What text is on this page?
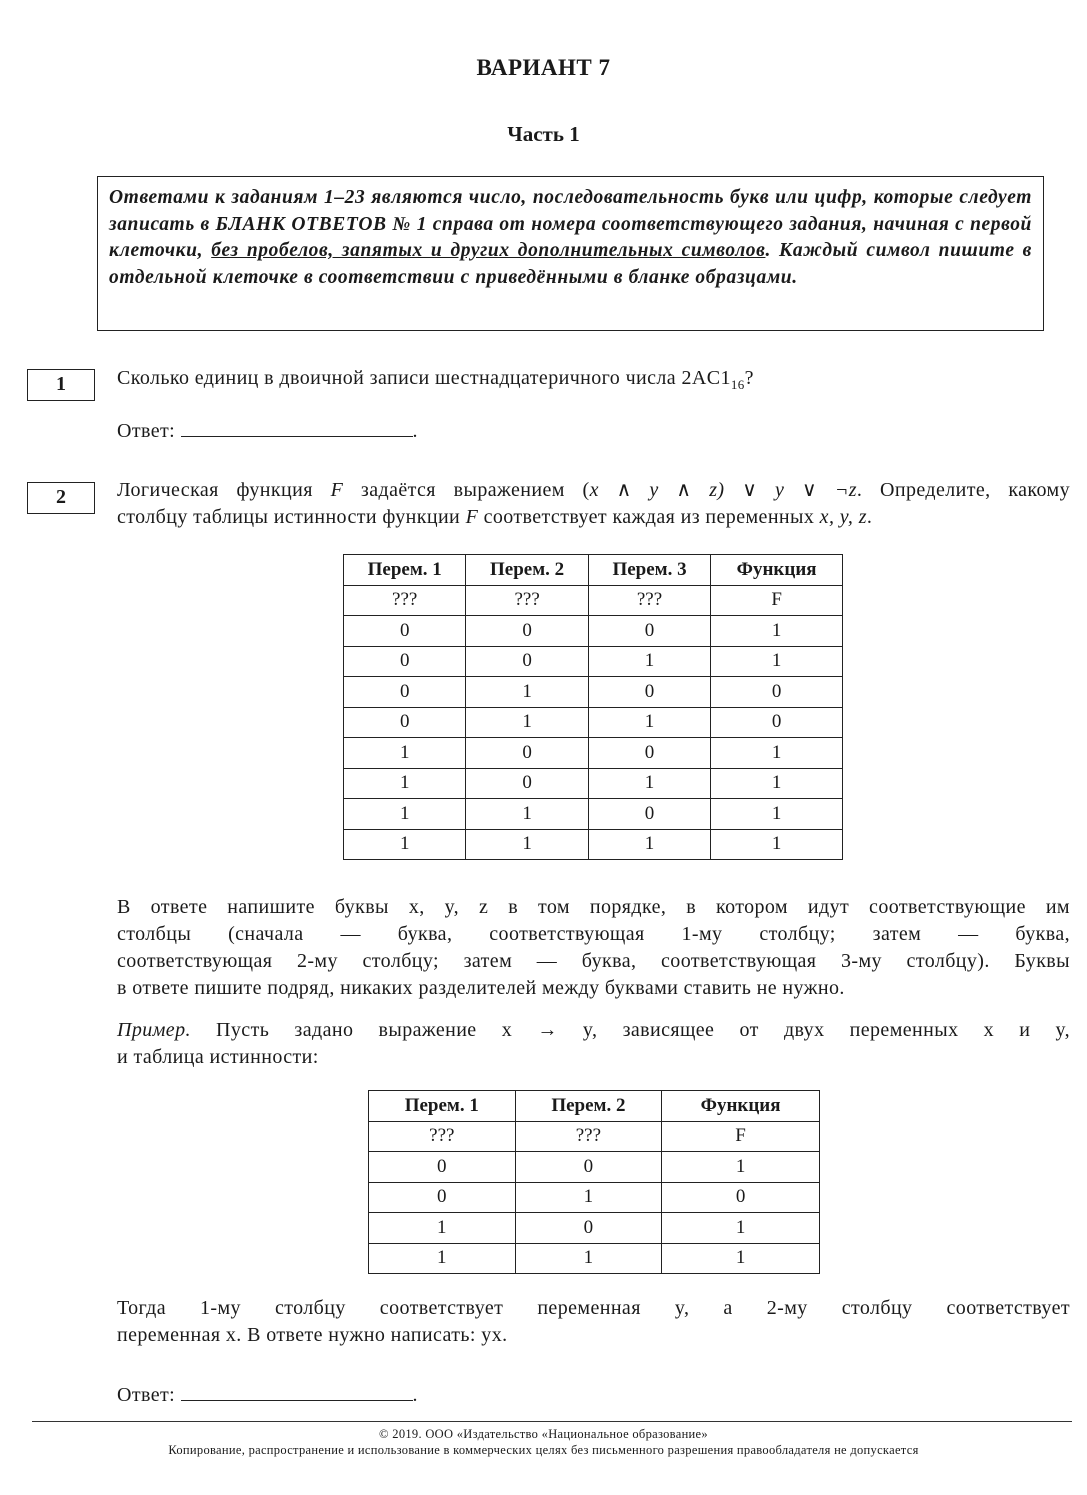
ВАРИАНТ 7
Часть 1
Ответами к заданиям 1–23 являются число, последовательность букв или цифр, которые следует записать в БЛАНК ОТВЕТОВ № 1 справа от номера соответствующего задания, начиная с первой клеточки, без пробелов, запятых и других дополнительных символов. Каждый символ пишите в отдельной клеточке в соответствии с приведёнными в бланке образцами.
1	Сколько единиц в двоичной записи шестнадцатеричного числа $2AC1_{16}$?
Ответ:	.
2	Логическая функция F задаётся выражением (x ∧ y ∧ z) ∨ y ∨ ¬z. Определите, какому
столбцу таблицы истинности функции F соответствует каждая из переменных x, y, z.
Перем. 1	Перем. 2	Перем. 3	Функция
???	???	???	F
0	0	0	1
0	0	1	1
0	1	0	0
0	1	1	0
1	0	0	1
1	0	1	1
1	1	0	1
1	1	1	1
В ответе напишите буквы x, y, z в том порядке, в котором идут соответствующие им
столбцы (сначала — буква, соответствующая 1-му столбцу; затем — буква,
соответствующая 2-му столбцу; затем — буква, соответствующая 3-му столбцу). Буквы
в ответе пишите подряд, никаких разделителей между буквами ставить не нужно.
Пример. Пусть задано выражение x → y, зависящее от двух переменных x и y,
и таблица истинности:
Перем. 1	Перем. 2	Функция
???	???	F
0	0	1
0	1	0
1	0	1
1	1	1
Тогда 1-му столбцу соответствует переменная y, а 2-му столбцу соответствует
переменная x. В ответе нужно написать: yx.
Ответ:	.
© 2019. ООО «Издательство «Национальное образование»
Копирование, распространение и использование в коммерческих целях без письменного разрешения правообладателя не допускается
